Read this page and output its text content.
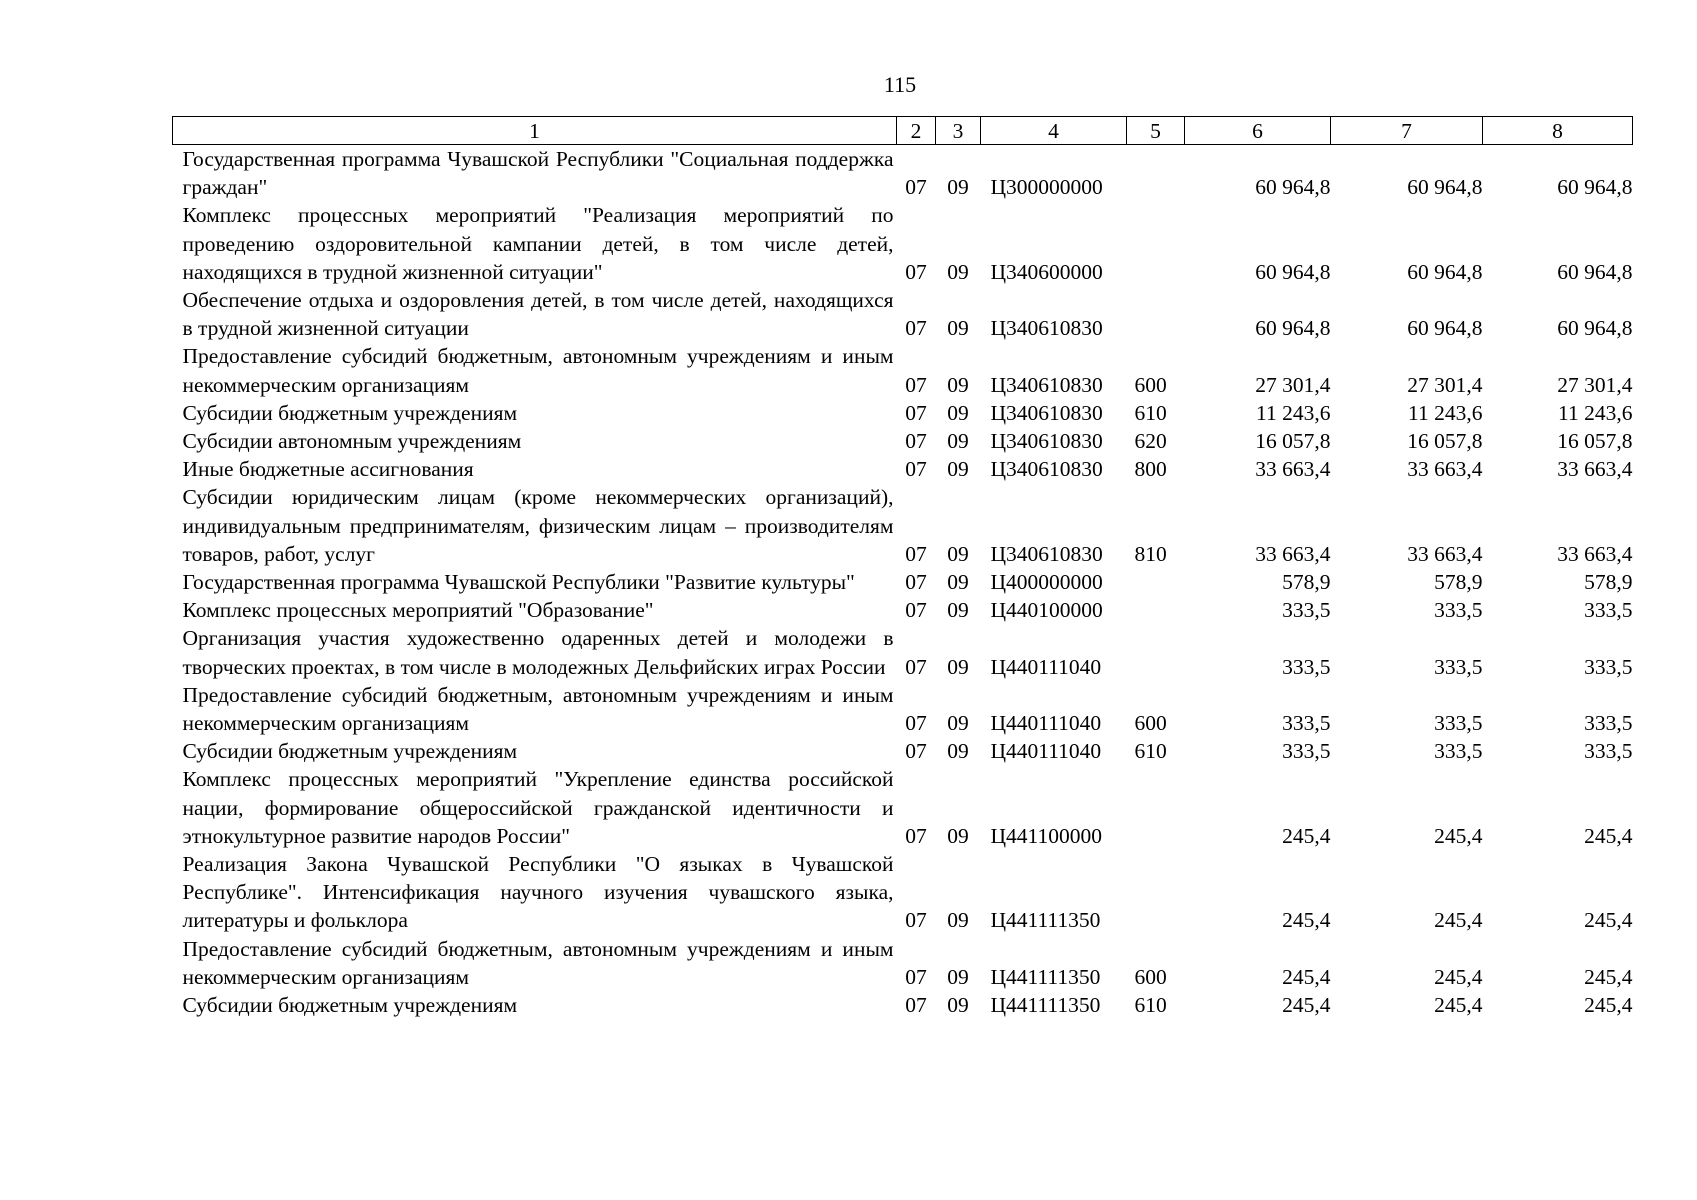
115
1	2	3	4	5	6	7	8
Государственная программа Чувашской Республики "Социальная поддержка граждан"	07	09	Ц300000000		60 964,8	60 964,8	60 964,8
Комплекс процессных мероприятий "Реализация мероприятий по проведению оздоровительной кампании детей, в том числе детей, находящихся в трудной жизненной ситуации"	07	09	Ц340600000		60 964,8	60 964,8	60 964,8
Обеспечение отдыха и оздоровления детей, в том числе детей, находящихся в трудной жизненной ситуации	07	09	Ц340610830		60 964,8	60 964,8	60 964,8
Предоставление субсидий бюджетным, автономным учреждениям и иным некоммерческим организациям	07	09	Ц340610830	600	27 301,4	27 301,4	27 301,4
Субсидии бюджетным учреждениям	07	09	Ц340610830	610	11 243,6	11 243,6	11 243,6
Субсидии автономным учреждениям	07	09	Ц340610830	620	16 057,8	16 057,8	16 057,8
Иные бюджетные ассигнования	07	09	Ц340610830	800	33 663,4	33 663,4	33 663,4
Субсидии юридическим лицам (кроме некоммерческих организаций), индивидуальным предпринимателям, физическим лицам – производителям товаров, работ, услуг	07	09	Ц340610830	810	33 663,4	33 663,4	33 663,4
Государственная программа Чувашской Республики "Развитие культуры"	07	09	Ц400000000		578,9	578,9	578,9
Комплекс процессных мероприятий "Образование"	07	09	Ц440100000		333,5	333,5	333,5
Организация участия художественно одаренных детей и молодежи в творческих проектах, в том числе в молодежных Дельфийских играх России	07	09	Ц440111040		333,5	333,5	333,5
Предоставление субсидий бюджетным, автономным учреждениям и иным некоммерческим организациям	07	09	Ц440111040	600	333,5	333,5	333,5
Субсидии бюджетным учреждениям	07	09	Ц440111040	610	333,5	333,5	333,5
Комплекс процессных мероприятий "Укрепление единства российской нации, формирование общероссийской гражданской идентичности и этнокультурное развитие народов России"	07	09	Ц441100000		245,4	245,4	245,4
Реализация Закона Чувашской Республики "О языках в Чувашской Республике". Интенсификация научного изучения чувашского языка, литературы и фольклора	07	09	Ц441111350		245,4	245,4	245,4
Предоставление субсидий бюджетным, автономным учреждениям и иным некоммерческим организациям	07	09	Ц441111350	600	245,4	245,4	245,4
Субсидии бюджетным учреждениям	07	09	Ц441111350	610	245,4	245,4	245,4
